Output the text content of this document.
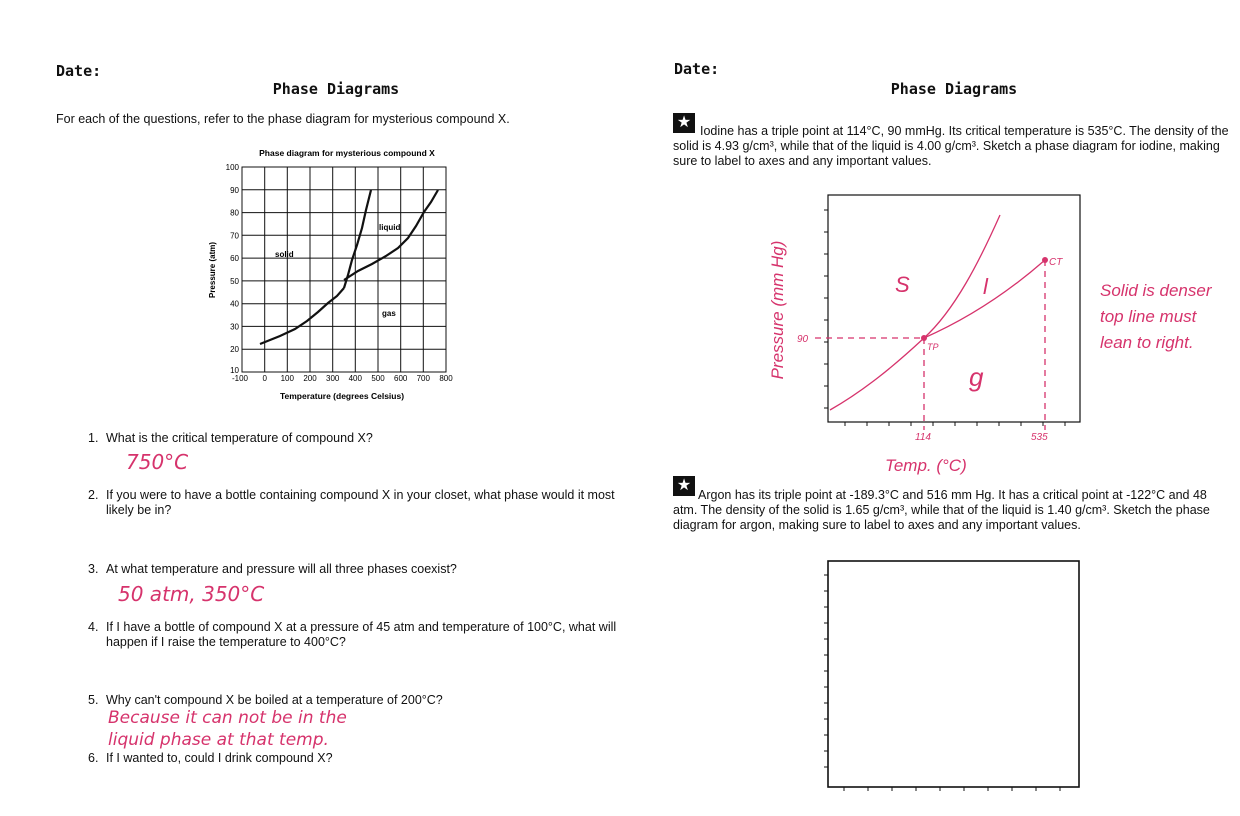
Date:
Phase Diagrams
For each of the questions, refer to the phase diagram for mysterious compound X.
Phase diagram for mysterious compound X
100
90
80
70
60
50
40
30
20
10
-100 0 100 200 300 400 500 600 700 800
Temperature (degrees Celsius)
Pressure (atm)	solid
liquid
gas
1. What is the critical temperature of compound X?
750°C
2. If you were to have a bottle containing compound X in your closet, what phase would it most likely be in?
3. At what temperature and pressure will all three phases coexist?
50 atm, 350°C
4. If I have a bottle of compound X at a pressure of 45 atm and temperature of 100°C, what will happen if I raise the temperature to 400°C?
5. Why can't compound X be boiled at a temperature of 200°C?
Because it can not be in the
liquid phase at that temp.
6. If I wanted to, could I drink compound X?
Date:
Phase Diagrams
★ Iodine has a triple point at 114°C, 90 mmHg. Its critical temperature is 535°C. The density of the solid is 4.93 g/cm³, while that of the liquid is 4.00 g/cm³. Sketch a phase diagram for iodine, making sure to label to axes and any important values.
TP
CT
S	l
g
90
114	535
Temp. (°C)
Pressure (mm Hg)	Solid is denser
top line must
lean to right.
★
Argon has its triple point at -189.3°C and 516 mm Hg. It has a critical point at -122°C and 48 atm. The density of the solid is 1.65 g/cm³, while that of the liquid is 1.40 g/cm³. Sketch the phase diagram for argon, making sure to label to axes and any important values.
